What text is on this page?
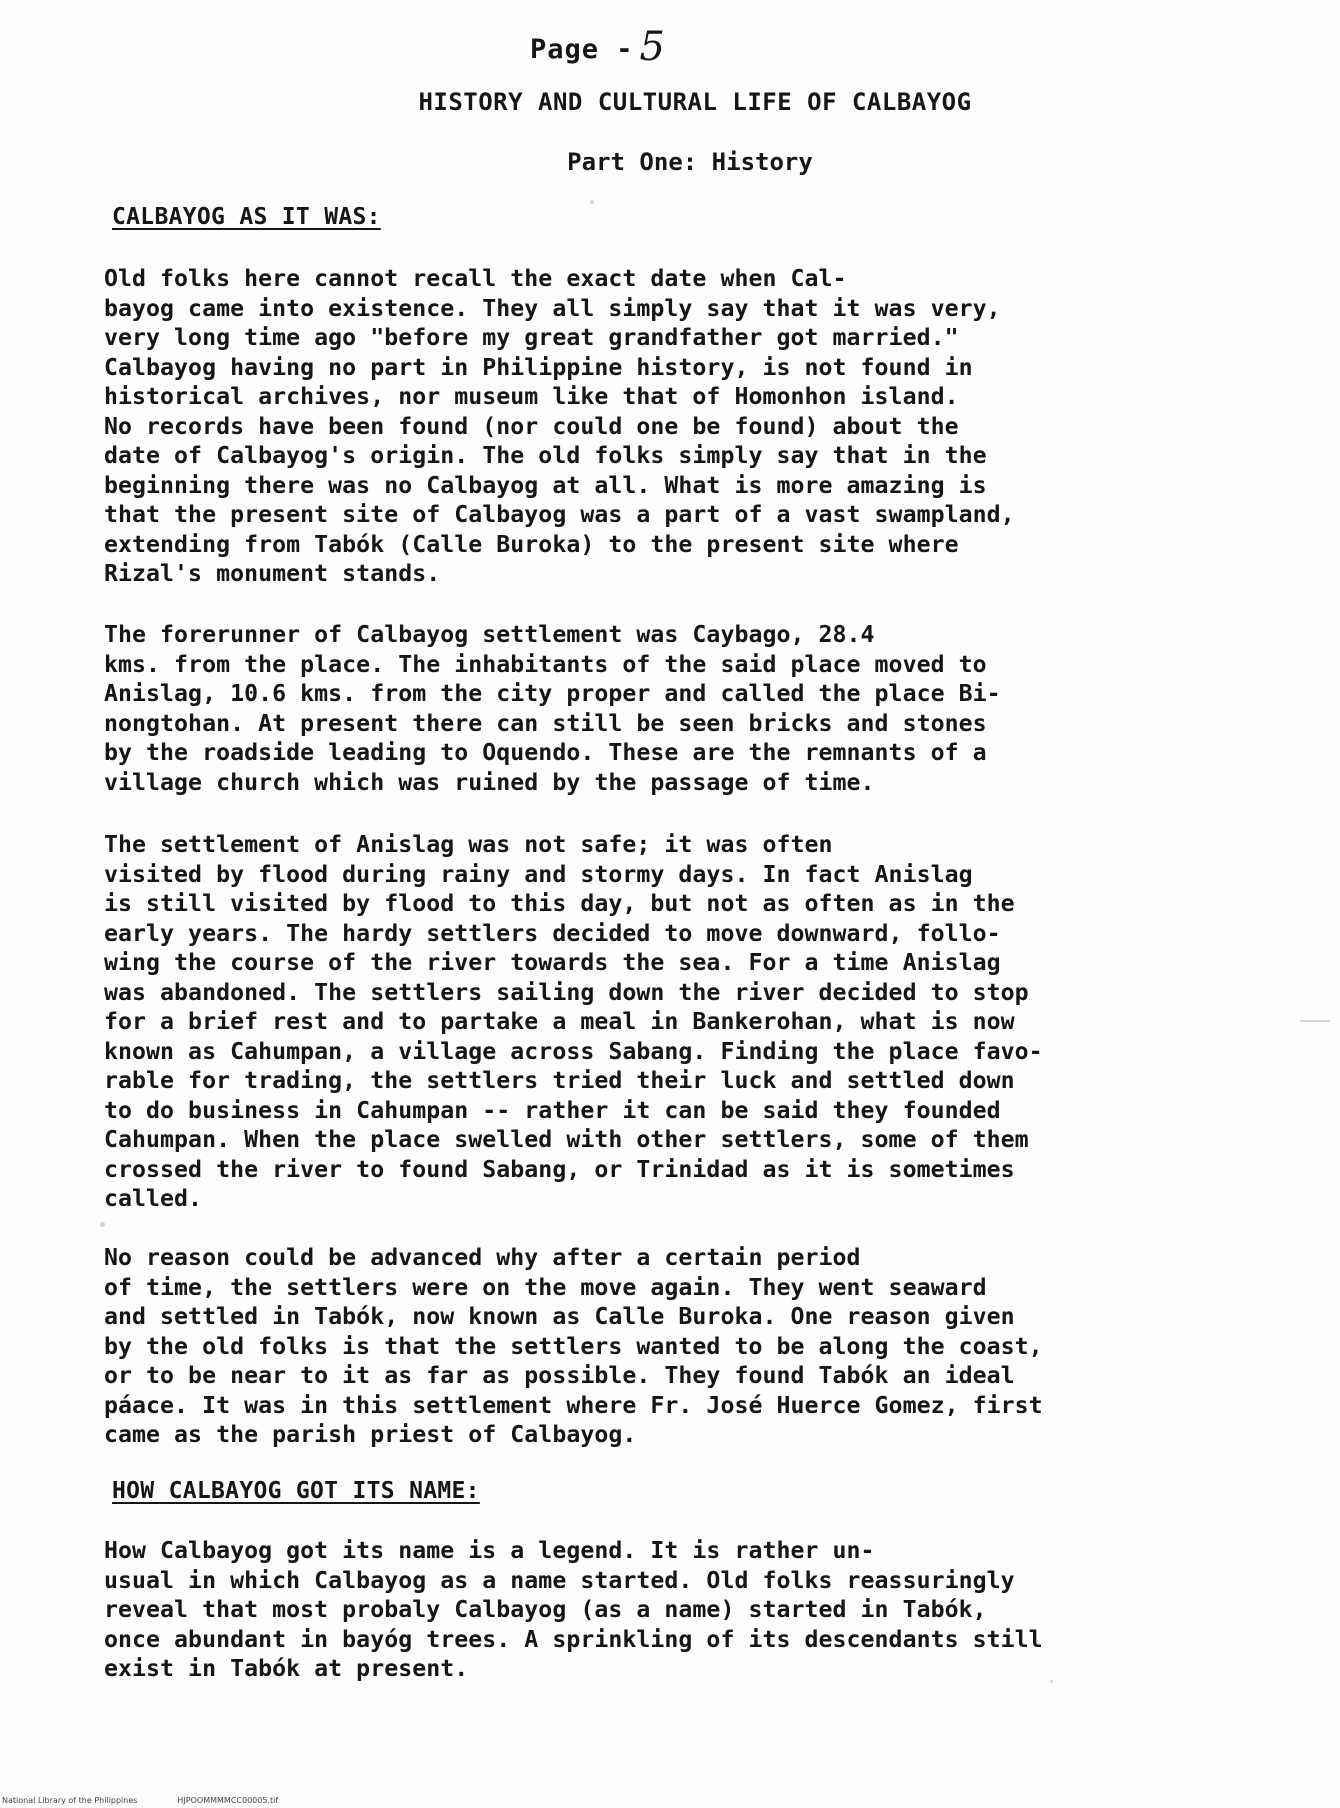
Page - 5
HISTORY AND CULTURAL LIFE OF CALBAYOG
Part One: History
CALBAYOG AS IT WAS:

Old folks here cannot recall the exact date when Cal-
bayog came into existence. They all simply say that it was very,
very long time ago "before my great grandfather got married."
Calbayog having no part in Philippine history, is not found in
historical archives, nor museum like that of Homonhon island.
No records have been found (nor could one be found) about the
date of Calbayog's origin. The old folks simply say that in the
beginning there was no Calbayog at all. What is more amazing is
that the present site of Calbayog was a part of a vast swampland,
extending from Tabók (Calle Buroka) to the present site where
Rizal's monument stands.

The forerunner of Calbayog settlement was Caybago, 28.4
kms. from the place. The inhabitants of the said place moved to
Anislag, 10.6 kms. from the city proper and called the place Bi-
nongtohan. At present there can still be seen bricks and stones
by the roadside leading to Oquendo. These are the remnants of a
village church which was ruined by the passage of time.

The settlement of Anislag was not safe; it was often
visited by flood during rainy and stormy days. In fact Anislag
is still visited by flood to this day, but not as often as in the
early years. The hardy settlers decided to move downward, follo-
wing the course of the river towards the sea. For a time Anislag
was abandoned. The settlers sailing down the river decided to stop
for a brief rest and to partake a meal in Bankerohan, what is now
known as Cahumpan, a village across Sabang. Finding the place favo-
rable for trading, the settlers tried their luck and settled down
to do business in Cahumpan -- rather it can be said they founded
Cahumpan. When the place swelled with other settlers, some of them
crossed the river to found Sabang, or Trinidad as it is sometimes
called.

No reason could be advanced why after a certain period
of time, the settlers were on the move again. They went seaward
and settled in Tabók, now known as Calle Buroka. One reason given
by the old folks is that the settlers wanted to be along the coast,
or to be near to it as far as possible. They found Tabók an ideal
páace. It was in this settlement where Fr. José Huerce Gomez, first
came as the parish priest of Calbayog.

HOW CALBAYOG GOT ITS NAME:

How Calbayog got its name is a legend. It is rather un-
usual in which Calbayog as a name started. Old folks reassuringly
reveal that most probaly Calbayog (as a name) started in Tabók,
once abundant in bayóg trees. A sprinkling of its descendants still
exist in Tabók at present.

National Library of the Philippines	HJPOOMMMMCC00005.tif
